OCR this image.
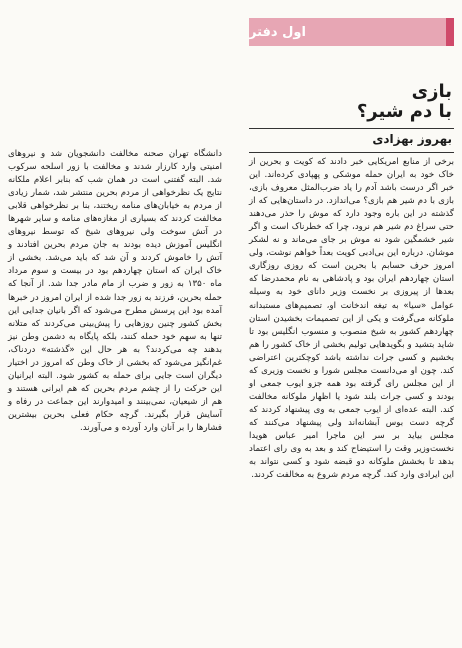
اول دفتر
بازی
با دم شیر؟
بهروز بهزادی
برخی از منابع امریکایی خبر دادند که کویت و بحرین از خاک خود به ایران حمله موشکی و پهپادی کرده‌اند. این خبر اگر درست باشد آدم را یاد ضرب‌المثل معروف بازی، بازی با دم شیر هم بازی؟ می‌اندازد. در داستان‌هایی که از گذشته در این باره وجود دارد که موش را حذر می‌دهند حتی سراغ دم شیر هم نرود، چرا که خطرناک است و اگر شیر خشمگین شود نه موش بر جای می‌ماند و نه لشکر موشان. درباره این بی‌ادبی کویت بعداً خواهم نوشت، ولی امروز حرف حسابم با بحرین است که روزی روزگاری استان چهاردهم ایران بود و پادشاهی به نام محمدرضا که بعدها از پیروزی بر نخست وزیر دانای خود به وسیله عوامل «سیا» به تیغه اندخانت او، تصمیم‌های مستبدانه ملوکانه می‌گرفت و یکی از این تصمیمات بخشیدن استان چهاردهم کشور به شیخ منصوب و منسوب انگلیس بود تا شاید بتشید و بگویدهایی تولیم بخشی از خاک کشور را هم بخشیم و کسی جرات نداشته باشد کوچکترین اعتراضی کند. چون او می‌دانست مجلس شورا و نخست وزیری که از این مجلس رای گرفته بود همه جزو ایوب جمعی او بودند و کسی جرات بلند شود یا اظهار ملوکانه مخالفت کند. البته عده‌ای از ایوب جمعی به وی پیشنهاد کردند که گرچه دست بوس آبشانه‌اند ولی پیشنهاد می‌کنند که مجلس بیاید بر سر این ماجرا امیر عباس هویدا نخست‌وزیر وقت را استیضاح کند و بعد به وی رای اعتماد بدهد تا بخشش ملوکانه دو قبضه شود و کسی نتواند به این ایرادی وارد کند. گرچه مردم شروع به مخالفت کردند.
دانشگاه تهران صحنه مخالفت دانشجویان شد و نیروهای امنیتی وارد کارزار شدند و مخالفت با زور اسلحه سرکوب شد. البته گفتنی است در همان شب که بنابر اعلام ملکانه نتایج یک نظرخواهی از مردم بحرین منتشر شد، شمار زیادی از مردم به خیابان‌های منامه ریختند، بنا بر نظرخواهی قلابی مخالفت کردند که بسیاری از مغازه‌های منامه و سایر شهرها در آتش سوخت ولی نیروهای شیخ که توسط نیروهای انگلیس آموزش دیده بودند به جان مردم بحرین افتادند و آتش را خاموش کردند و آن شد که باید می‌شد. بخشی از خاک ایران که استان چهاردهم بود در بیست و سوم مرداد ماه ۱۳۵۰ به زور و ضرب از مام مادر جدا شد. از آنجا که حمله بحرین، فرزند به زور جدا شده از ایران امروز در خبرها آمده بود این پرسش مطرح می‌شود که اگر بانیان جدایی این بخش کشور چنین روزهایی را پیش‌بینی می‌کردند که متلانه تنها به سهم خود حمله کنند، بلکه پایگاه به دشمن وطن نیز بدهند چه می‌کردند؟ به هر حال این «گذشته» دردناک، غم‌انگیز می‌شود که بخشی از خاک وطن که امروز در اختیار دیگران است جایی برای حمله به کشور شود. البته ایرانیان این حرکت را از چشم مردم بحرین که هم ایرانی هستند و هم از شیعیان، نمی‌بینند و امیدوارند این جماعت در رفاه و آسایش قرار بگیرند. گرچه حکام فعلی بحرین بیشترین فشارها را بر آنان وارد آورده و می‌آورند.
